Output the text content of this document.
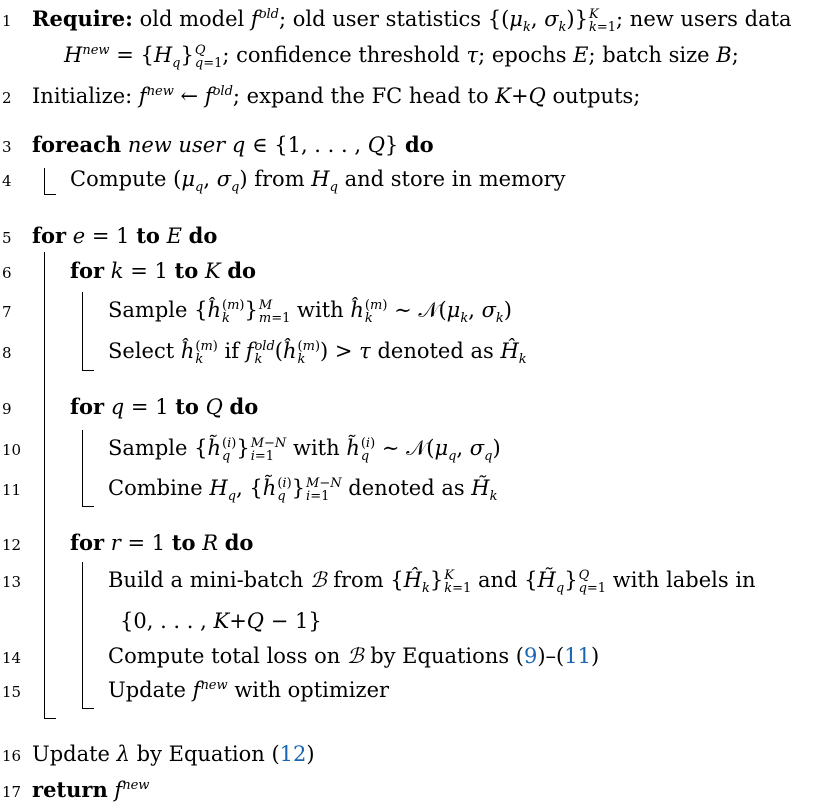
1
2
3
4
5
6
7
8
9
10
11
12
13
14
15
16
17
Require: old model $f^{old}$; old user statistics {($\mu_k$, $\sigma_k$)} K
k=1 ; new users data
$H^{new} = \{H_q\}$ Q
q=1 ; confidence threshold τ; epochs E; batch size B;
Initialize: $f^{new}$ ← $f^{old}$; expand the FC head to K+Q outputs;
foreach new user q ∈ {1, . . . , Q} do
Compute ($\mu_q$, $\sigma_q$) from $H_q$ and store in memory
for e = 1 to E do
for k = 1 to K do
Sample {ĥ (m)
k } M
m=1 with ĥ (m)
k ∼ $𝒩(\mu_k$, $\sigma_k$)
Select ĥ (m)
k if f old
k (ĥ (m)
k ) > τ denoted as $Ĥ_k$
for q = 1 to Q do
Sample {h̃ (i)
q } M−N
i=1 with h̃ (i)
q ∼ $𝒩(\mu_q$, $\sigma_q$)
Combine $H_q$, {h̃ (i)
q } M−N
i=1 denoted as $H̃_k$
for r = 1 to R do
Build a mini-batch ℬ from $\{Ĥ_k\}$ K
k=1 and $\{H̃_q\}$ Q
q=1 with labels in
{0, . . . , K+Q − 1}
Compute total loss on ℬ by Equations (9)–(11)
Update $f^{new}$ with optimizer
Update λ by Equation (12)
return $f^{new}$
